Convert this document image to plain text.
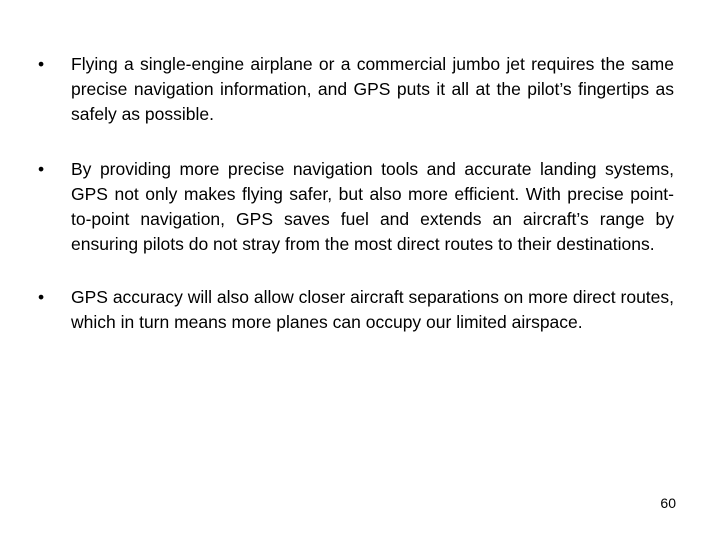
•	Flying a single-engine airplane or a commercial jumbo jet requires the same precise navigation information, and GPS puts it all at the pilot’s fingertips as safely as possible.
•	By providing more precise navigation tools and accurate landing systems, GPS not only makes flying safer, but also more efficient. With precise point-to-point navigation, GPS saves fuel and extends an aircraft’s range by ensuring pilots do not stray from the most direct routes to their destinations.
•	GPS accuracy will also allow closer aircraft separations on more direct routes, which in turn means more planes can occupy our limited airspace.
60
